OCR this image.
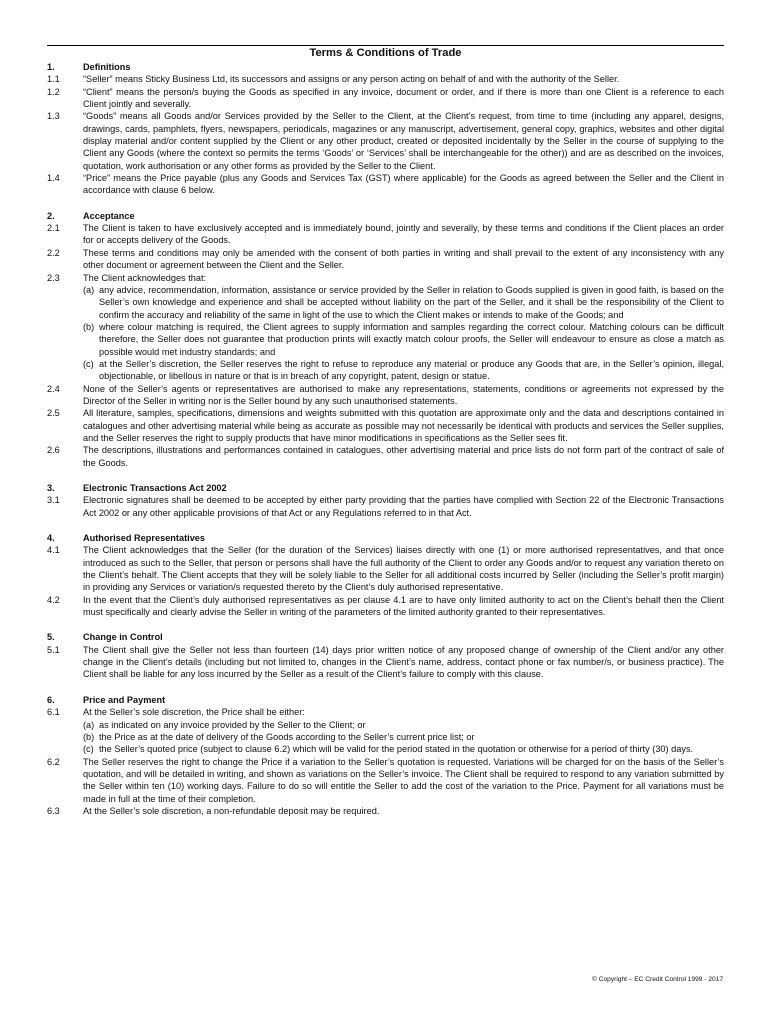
Terms & Conditions of Trade
1.	Definitions
1.1	“Seller” means Sticky Business Ltd, its successors and assigns or any person acting on behalf of and with the authority of the Seller.
1.2	“Client” means the person/s buying the Goods as specified in any invoice, document or order, and if there is more than one Client is a reference to each Client jointly and severally.
1.3	“Goods” means all Goods and/or Services provided by the Seller to the Client, at the Client’s request, from time to time (including any apparel, designs, drawings, cards, pamphlets, flyers, newspapers, periodicals, magazines or any manuscript, advertisement, general copy, graphics, websites and other digital display material and/or content supplied by the Client or any other product, created or deposited incidentally by the Seller in the course of supplying to the Client any Goods (where the context so permits the terms ‘Goods’ or ‘Services’ shall be interchangeable for the other)) and are as described on the invoices, quotation, work authorisation or any other forms as provided by the Seller to the Client.
1.4	“Price” means the Price payable (plus any Goods and Services Tax (GST) where applicable) for the Goods as agreed between the Seller and the Client in accordance with clause 6 below.
2.	Acceptance
2.1	The Client is taken to have exclusively accepted and is immediately bound, jointly and severally, by these terms and conditions if the Client places an order for or accepts delivery of the Goods.
2.2	These terms and conditions may only be amended with the consent of both parties in writing and shall prevail to the extent of any inconsistency with any other document or agreement between the Client and the Seller.
2.3	The Client acknowledges that:
(a) any advice, recommendation, information, assistance or service provided by the Seller in relation to Goods supplied is given in good faith, is based on the Seller’s own knowledge and experience and shall be accepted without liability on the part of the Seller, and it shall be the responsibility of the Client to confirm the accuracy and reliability of the same in light of the use to which the Client makes or intends to make of the Goods; and
(b) where colour matching is required, the Client agrees to supply information and samples regarding the correct colour. Matching colours can be difficult therefore, the Seller does not guarantee that production prints will exactly match colour proofs, the Seller will endeavour to ensure as close a match as possible would met industry standards; and
(c) at the Seller’s discretion, the Seller reserves the right to refuse to reproduce any material or produce any Goods that are, in the Seller’s opinion, illegal, objectionable, or libellous in nature or that is in breach of any copyright, patent, design or statue.
2.4	None of the Seller’s agents or representatives are authorised to make any representations, statements, conditions or agreements not expressed by the Director of the Seller in writing nor is the Seller bound by any such unauthorised statements.
2.5	All literature, samples, specifications, dimensions and weights submitted with this quotation are approximate only and the data and descriptions contained in catalogues and other advertising material while being as accurate as possible may not necessarily be identical with products and services the Seller supplies, and the Seller reserves the right to supply products that have minor modifications in specifications as the Seller sees fit.
2.6	The descriptions, illustrations and performances contained in catalogues, other advertising material and price lists do not form part of the contract of sale of the Goods.
3.	Electronic Transactions Act 2002
3.1	Electronic signatures shall be deemed to be accepted by either party providing that the parties have complied with Section 22 of the Electronic Transactions Act 2002 or any other applicable provisions of that Act or any Regulations referred to in that Act.
4.	Authorised Representatives
4.1	The Client acknowledges that the Seller (for the duration of the Services) liaises directly with one (1) or more authorised representatives, and that once introduced as such to the Seller, that person or persons shall have the full authority of the Client to order any Goods and/or to request any variation thereto on the Client’s behalf. The Client accepts that they will be solely liable to the Seller for all additional costs incurred by Seller (including the Seller’s profit margin) in providing any Services or variation/s requested thereto by the Client’s duly authorised representative.
4.2	In the event that the Client’s duly authorised representatives as per clause 4.1 are to have only limited authority to act on the Client’s behalf then the Client must specifically and clearly advise the Seller in writing of the parameters of the limited authority granted to their representatives.
5.	Change in Control
5.1	The Client shall give the Seller not less than fourteen (14) days prior written notice of any proposed change of ownership of the Client and/or any other change in the Client’s details (including but not limited to, changes in the Client’s name, address, contact phone or fax number/s, or business practice). The Client shall be liable for any loss incurred by the Seller as a result of the Client’s failure to comply with this clause.
6.	Price and Payment
6.1	At the Seller’s sole discretion, the Price shall be either:
(a) as indicated on any invoice provided by the Seller to the Client; or
(b) the Price as at the date of delivery of the Goods according to the Seller’s current price list; or
(c) the Seller’s quoted price (subject to clause 6.2) which will be valid for the period stated in the quotation or otherwise for a period of thirty (30) days.
6.2	The Seller reserves the right to change the Price if a variation to the Seller’s quotation is requested. Variations will be charged for on the basis of the Seller’s quotation, and will be detailed in writing, and shown as variations on the Seller’s invoice. The Client shall be required to respond to any variation submitted by the Seller within ten (10) working days. Failure to do so will entitle the Seller to add the cost of the variation to the Price. Payment for all variations must be made in full at the time of their completion.
6.3	At the Seller’s sole discretion, a non-refundable deposit may be required.
© Copyright – EC Credit Control 1999 - 2017
